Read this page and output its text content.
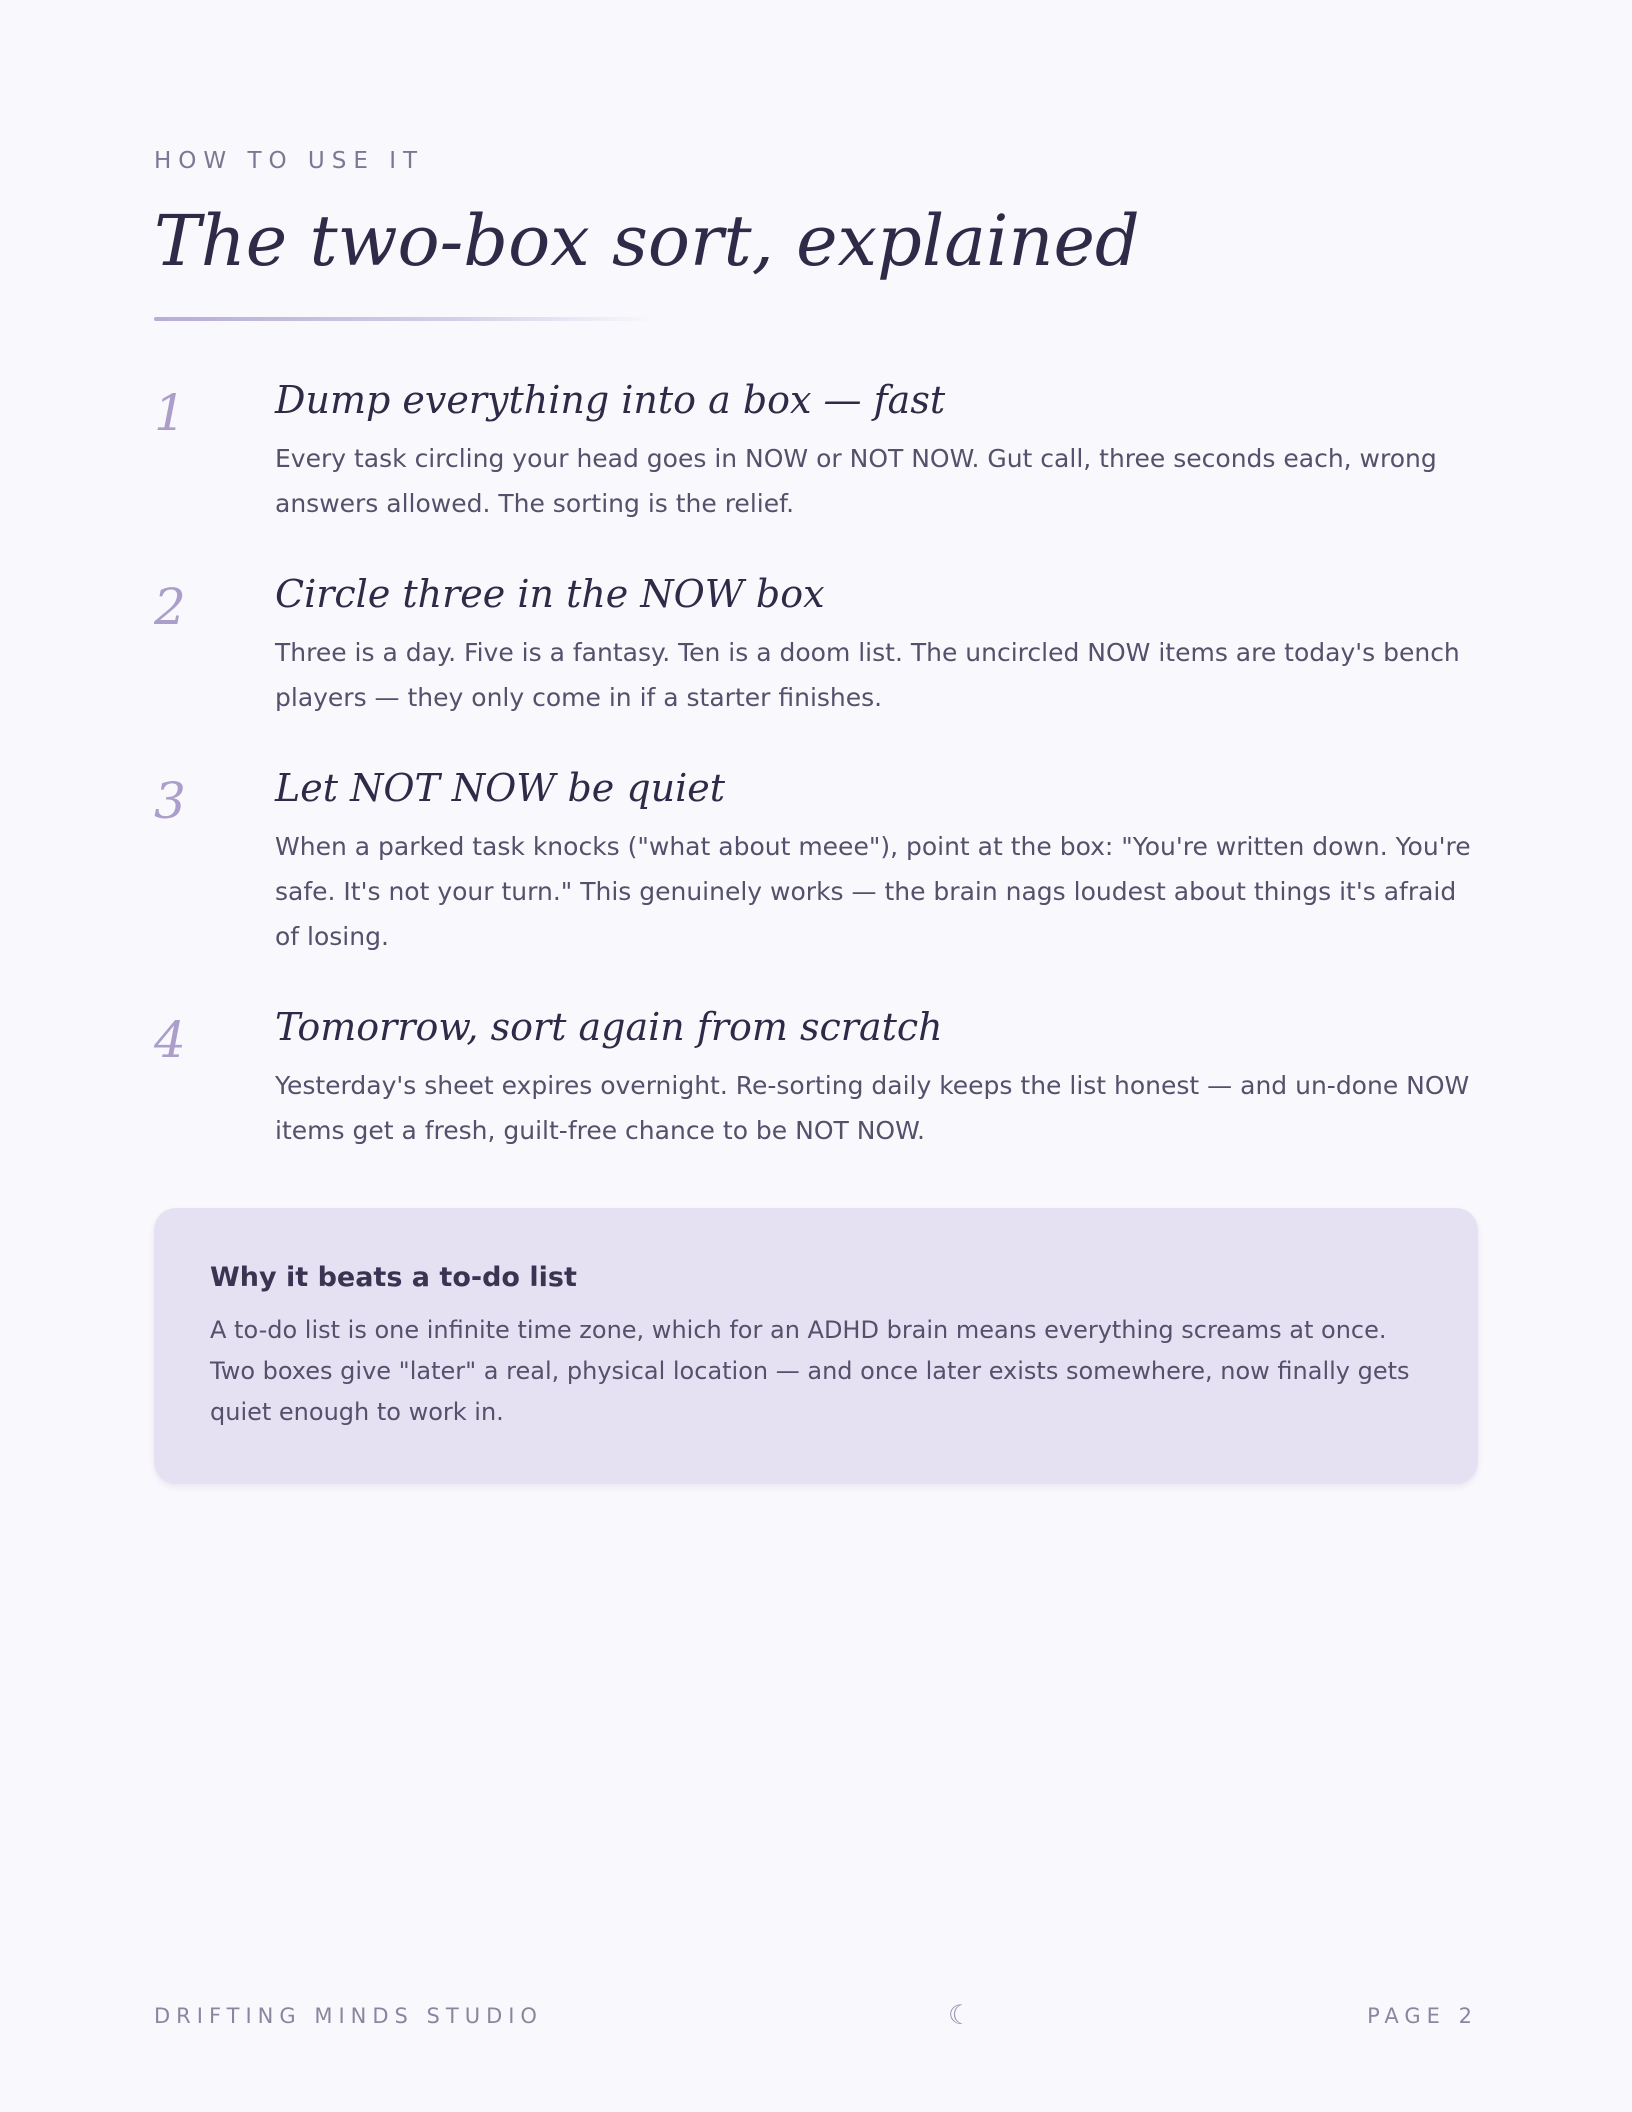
HOW TO USE IT
The two-box sort, explained
1	Dump everything into a box — fast

Every task circling your head goes in NOW or NOT NOW. Gut call, three seconds each, wrong answers allowed. The sorting is the relief.

2	Circle three in the NOW box

Three is a day. Five is a fantasy. Ten is a doom list. The uncircled NOW items are today's bench players — they only come in if a starter finishes.

3	Let NOT NOW be quiet

When a parked task knocks ("what about meee"), point at the box: "You're written down. You're safe. It's not your turn." This genuinely works — the brain nags loudest about things it's afraid of losing.

4	Tomorrow, sort again from scratch

Yesterday's sheet expires overnight. Re-sorting daily keeps the list honest — and un-done NOW items get a fresh, guilt-free chance to be NOT NOW.

Why it beats a to-do list

A to-do list is one infinite time zone, which for an ADHD brain means everything screams at once. Two boxes give "later" a real, physical location — and once later exists somewhere, now finally gets quiet enough to work in.

DRIFTING MINDS STUDIO	☾	PAGE 2
